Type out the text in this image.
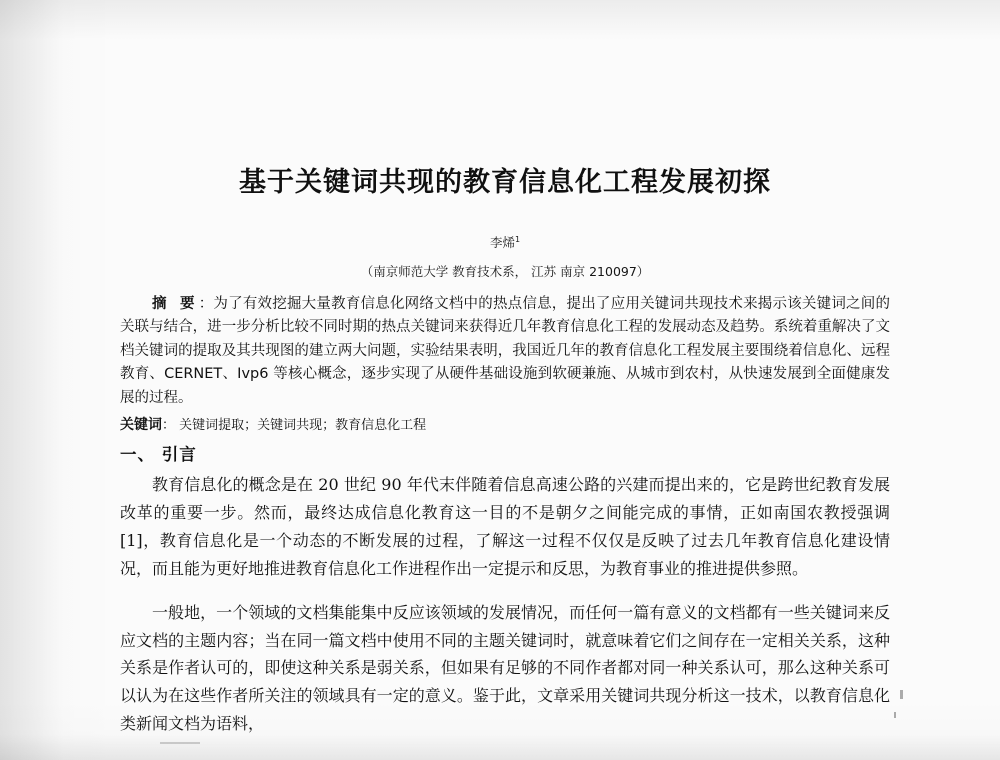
基于关键词共现的教育信息化工程发展初探
李烯$^1$
（南京师范大学 教育技术系， 江苏 南京 210097）
摘 要：为了有效挖掘大量教育信息化网络文档中的热点信息，提出了应用关键词共现技术来揭示该关键词之间的关联与结合，进一步分析比较不同时期的热点关键词来获得近几年教育信息化工程的发展动态及趋势。系统着重解决了文档关键词的提取及其共现图的建立两大问题，实验结果表明，我国近几年的教育信息化工程发展主要围绕着信息化、远程教育、CERNET、Ivp6 等核心概念，逐步实现了从硬件基础设施到软硬兼施、从城市到农村，从快速发展到全面健康发展的过程。
关键词： 关键词提取；关键词共现；教育信息化工程
一、 引言

教育信息化的概念是在 20 世纪 90 年代末伴随着信息高速公路的兴建而提出来的，它是跨世纪教育发展改革的重要一步。然而，最终达成信息化教育这一目的不是朝夕之间能完成的事情，正如南国农教授强调[1]，教育信息化是一个动态的不断发展的过程，了解这一过程不仅仅是反映了过去几年教育信息化建设情况，而且能为更好地推进教育信息化工作进程作出一定提示和反思，为教育事业的推进提供参照。

一般地，一个领域的文档集能集中反应该领域的发展情况，而任何一篇有意义的文档都有一些关键词来反应文档的主题内容；当在同一篇文档中使用不同的主题关键词时，就意味着它们之间存在一定相关关系，这种关系是作者认可的，即使这种关系是弱关系，但如果有足够的不同作者都对同一种关系认可，那么这种关系可以认为在这些作者所关注的领域具有一定的意义。鉴于此，文章采用关键词共现分析这一技术，以教育信息化类新闻文档为语料，
